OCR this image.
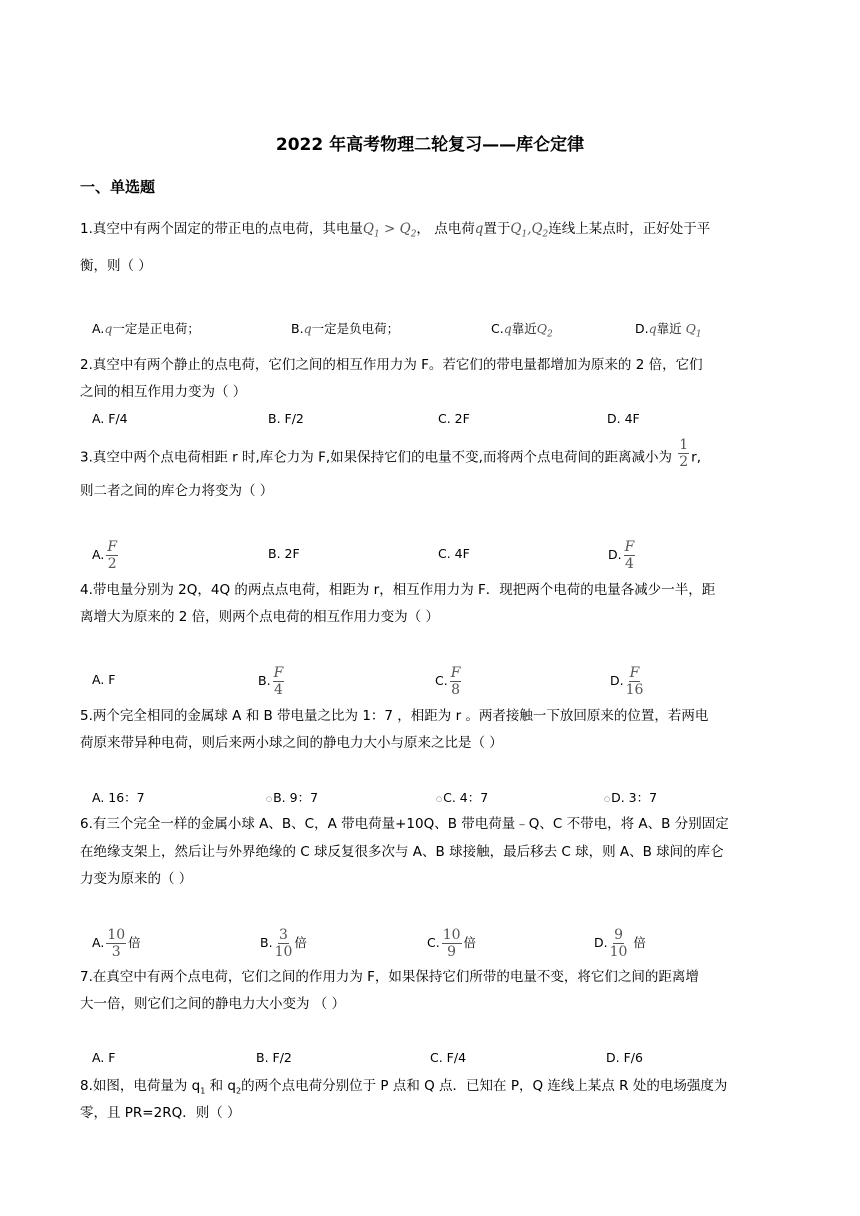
2022 年高考物理二轮复习——库仑定律
一、单选题
1.真空中有两个固定的带正电的点电荷，其电量$Q_1 > Q_2$， 点电荷q置于$Q_1,Q_2$连线上某点时，正好处于平
衡，则（ ）
A.q一定是正电荷；	B.q一定是负电荷；	C.q靠近$Q_2$	D.q靠近 $Q_1$
2.真空中有两个静止的点电荷，它们之间的相互作用力为 F。若它们的带电量都增加为原来的 2 倍，它们
之间的相互作用力变为（ ）
A. F/4	B. F/2	C. 2F	D. 4F
3.真空中两个点电荷相距 r 时,库仑力为 F,如果保持它们的电量不变,而将两个点电荷间的距离减小为 $\frac{1}{2} r$,
则二者之间的库仑力将变为（ ）
A. $\frac{F}{2}$	B. 2F	C. 4F	D. $\frac{F}{4}$
4.带电量分别为 2Q，4Q 的两点点电荷，相距为 r，相互作用力为 F．现把两个电荷的电量各减少一半，距
离增大为原来的 2 倍，则两个点电荷的相互作用力变为（ ）
A. F	B. $\frac{F}{4}$	C. $\frac{F}{8}$	D. $\frac{F}{16}$
5.两个完全相同的金属球 A 和 B 带电量之比为 1：7 ，相距为 r 。两者接触一下放回原来的位置，若两电
荷原来带异种电荷，则后来两小球之间的静电力大小与原来之比是（ ）
A. 16：7	○B. 9：7	○C. 4：7	○D. 3：7
6.有三个完全一样的金属小球 A、B、C，A 带电荷量+10Q、B 带电荷量﹣Q、C 不带电，将 A、B 分别固定
在绝缘支架上，然后让与外界绝缘的 C 球反复很多次与 A、B 球接触，最后移去 C 球，则 A、B 球间的库仑
力变为原来的（ ）
A. $\frac{10}{3}$ 倍	B. $\frac{3}{10}$ 倍	C. $\frac{10}{9}$ 倍	D. $\frac{9}{10}$ 倍
7.在真空中有两个点电荷，它们之间的作用力为 F，如果保持它们所带的电量不变，将它们之间的距离增
大一倍，则它们之间的静电力大小变为 （ ）
A. F	B. F/2	C. F/4	D. F/6
8.如图，电荷量为 $q_1$ 和 $q_2$的两个点电荷分别位于 P 点和 Q 点．已知在 P，Q 连线上某点 R 处的电场强度为
零，且 PR=2RQ．则（ ）
